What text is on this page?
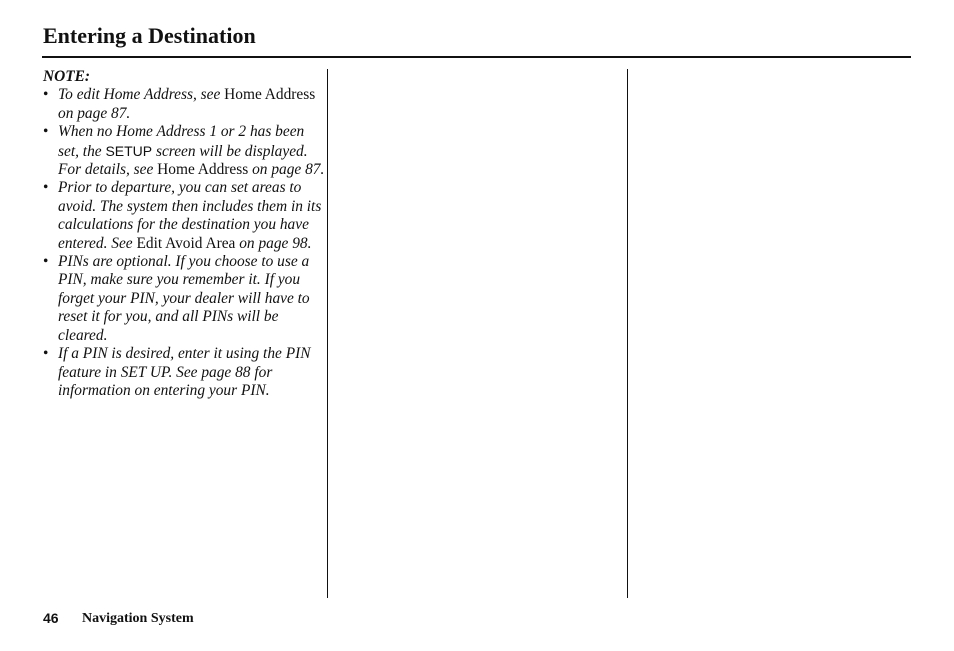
Entering a Destination

NOTE:

• To edit Home Address, see Home Address on page 87.
• When no Home Address 1 or 2 has been set, the SETUP screen will be displayed. For details, see Home Address on page 87.
• Prior to departure, you can set areas to avoid. The system then includes them in its calculations for the destination you have entered. See Edit Avoid Area on page 98.
• PINs are optional. If you choose to use a PIN, make sure you remember it. If you forget your PIN, your dealer will have to reset it for you, and all PINs will be cleared.
• If a PIN is desired, enter it using the PIN feature in SET UP. See page 88 for information on entering your PIN.
46 Navigation System
